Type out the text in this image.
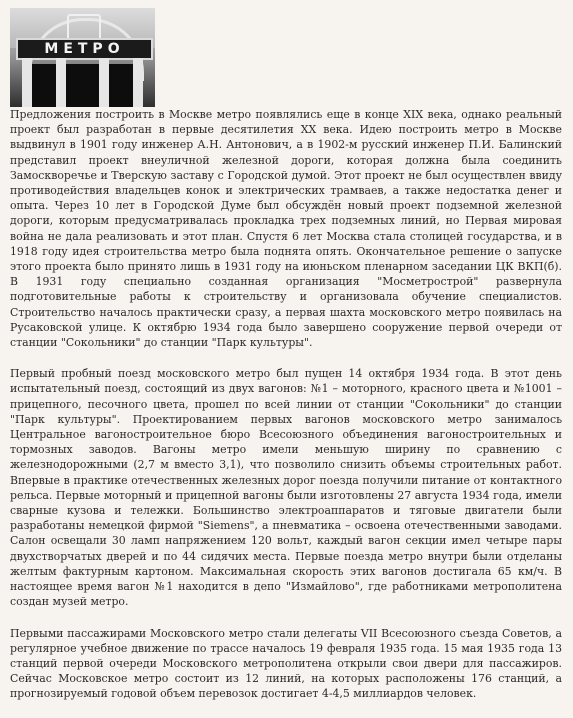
МЕТРО

Предложения построить в Москве метро появлялись еще в конце XIX века, однако реальный проект был разработан в первые десятилетия XX века. Идею построить метро в Москве выдвинул в 1901 году инженер А.Н. Антонович, а в 1902-м русский инженер П.И. Балинский представил проект внеуличной железной дороги, которая должна была соединить Замоскворечье и Тверскую заставу с Городской думой. Этот проект не был осуществлен ввиду противодействия владельцев конок и электрических трамваев, а также недостатка денег и опыта. Через 10 лет в Городской Думе был обсуждён новый проект подземной железной дороги, которым предусматривалась прокладка трех подземных линий, но Первая мировая война не дала реализовать и этот план. Спустя 6 лет Москва стала столицей государства, и в 1918 году идея строительства метро была поднята опять. Окончательное решение о запуске этого проекта было принято лишь в 1931 году на июньском пленарном заседании ЦК ВКП(б). В 1931 году специально созданная организация "Мосметрострой" развернула подготовительные работы к строительству и организовала обучение специалистов. Строительство началось практически сразу, а первая шахта московского метро появилась на Русаковской улице. К октябрю 1934 года было завершено сооружение первой очереди от станции "Сокольники" до станции "Парк культуры".

Первый пробный поезд московского метро был пущен 14 октября 1934 года. В этот день испытательный поезд, состоящий из двух вагонов: №1 – моторного, красного цвета и №1001 – прицепного, песочного цвета, прошел по всей линии от станции "Сокольники" до станции "Парк культуры". Проектированием первых вагонов московского метро занималось Центральное вагоностроительное бюро Всесоюзного объединения вагоностроительных и тормозных заводов. Вагоны метро имели меньшую ширину по сравнению с железнодорожными (2,7 м вместо 3,1), что позволило снизить объемы строительных работ. Впервые в практике отечественных железных дорог поезда получили питание от контактного рельса. Первые моторный и прицепной вагоны были изготовлены 27 августа 1934 года, имели сварные кузова и тележки. Большинство электроаппаратов и тяговые двигатели были разработаны немецкой фирмой "Siemens", а пневматика – освоена отечественными заводами. Салон освещали 30 ламп напряжением 120 вольт, каждый вагон секции имел четыре пары двухстворчатых дверей и по 44 сидячих места. Первые поезда метро внутри были отделаны желтым фактурным картоном. Максимальная скорость этих вагонов достигала 65 км/ч. В настоящее время вагон №1 находится в депо "Измайлово", где работниками метрополитена создан музей метро.

Первыми пассажирами Московского метро стали делегаты VII Всесоюзного съезда Советов, а регулярное учебное движение по трассе началось 19 февраля 1935 года. 15 мая 1935 года 13 станций первой очереди Московского метрополитена открыли свои двери для пассажиров. Сейчас Московское метро состоит из 12 линий, на которых расположены 176 станций, а прогнозируемый годовой объем перевозок достигает 4-4,5 миллиардов человек.
